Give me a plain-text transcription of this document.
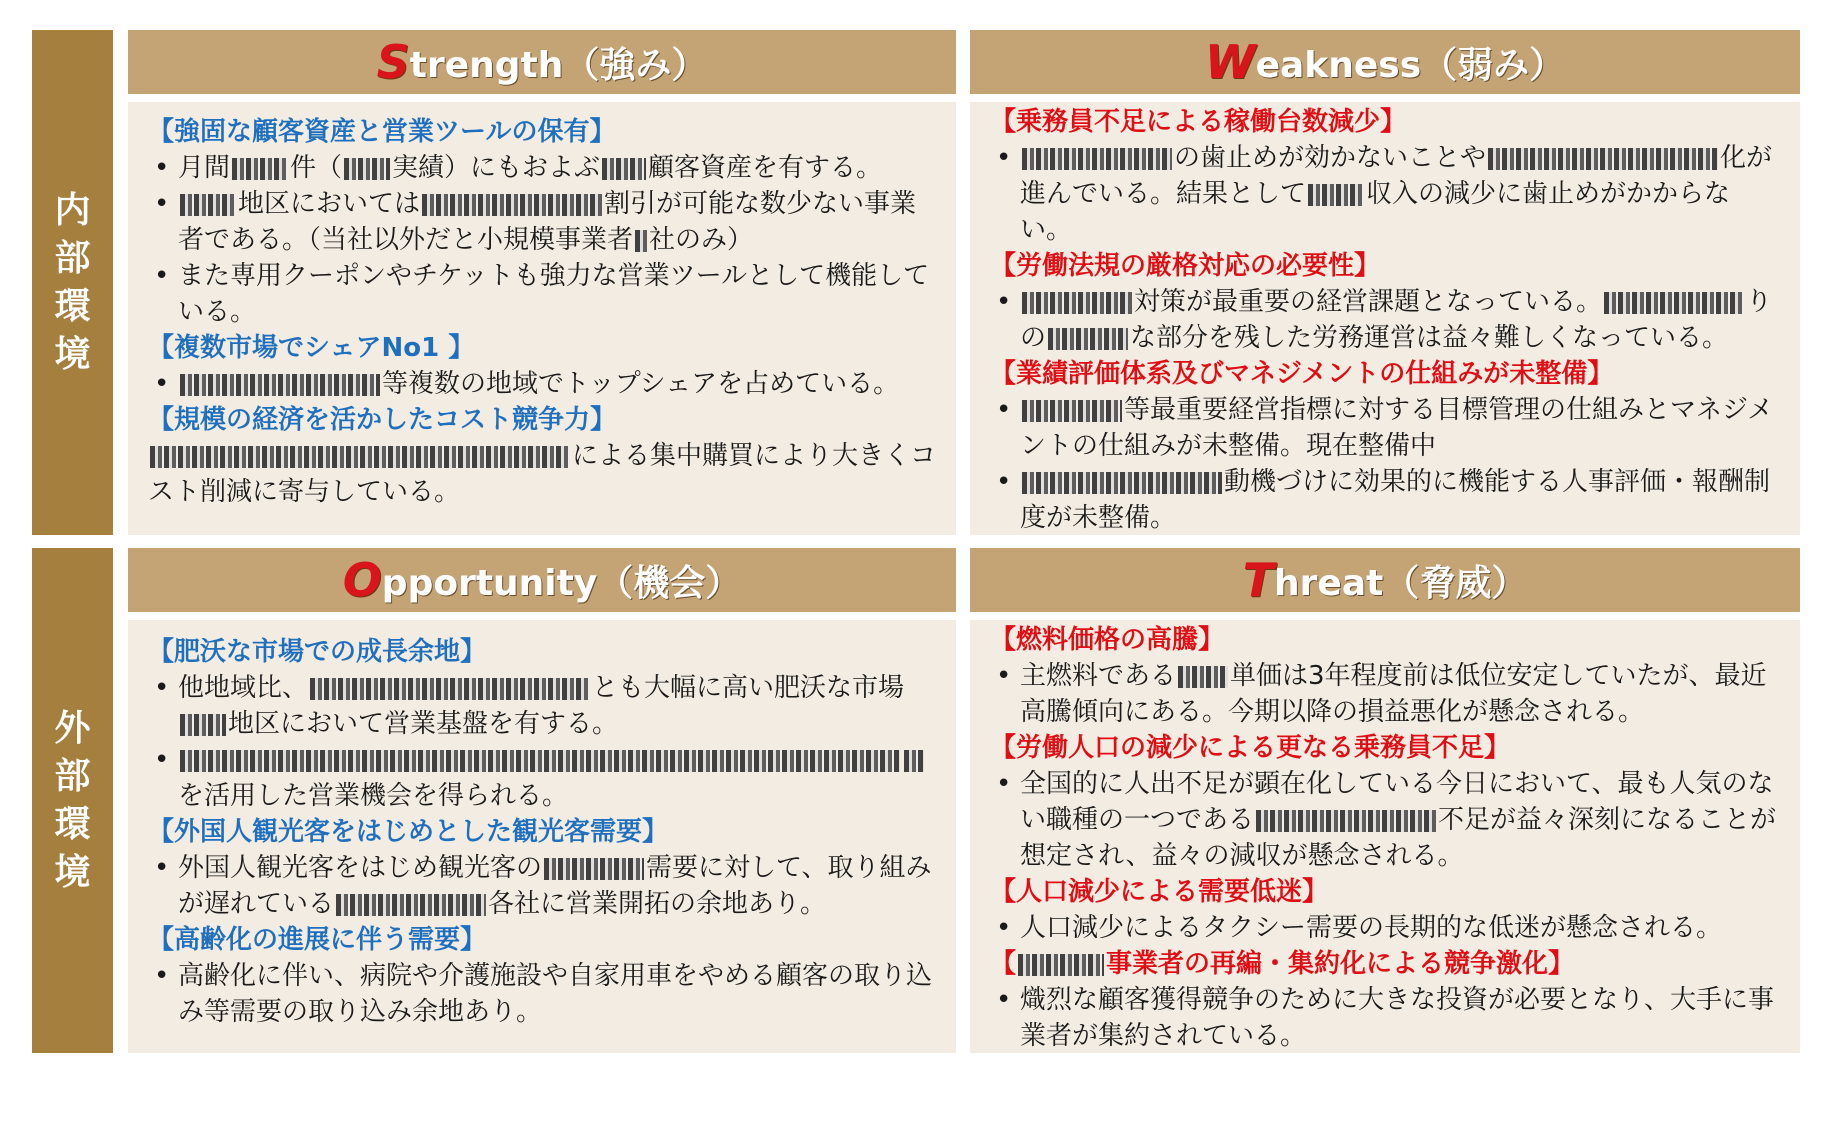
内部環境
外部環境
S trength（強み）	W eakness（弱み）
O pportunity（機会）	T hreat（脅威）
【強固な顧客資産と営業ツールの保有】
• 月間 件（ 実績）にもおよぶ 顧客資産を有する。
• 地区においては	割引が可能な数少ない事業者である。（当社以外だと小規模事業者 社のみ）
• また専用クーポンやチケットも強力な営業ツールとして機能している。
【複数市場でシェアNo1 】
• 等複数の地域でトップシェアを占めている。
【規模の経済を活かしたコスト競争力】
による集中購買により大きくコスト削減に寄与している。
【乗務員不足による稼働台数減少】
• の歯止めが効かないことや	化が進んでいる。結果として 収入の減少に歯止めがかからない。
【労働法規の厳格対応の必要性】
• 対策が最重要の経営課題となっている。	りの	な部分を残した労務運営は益々難しくなっている。
【業績評価体系及びマネジメントの仕組みが未整備】
• 等最重要経営指標に対する目標管理の仕組みとマネジメントの仕組みが未整備。現在整備中
• 動機づけに効果的に機能する人事評価・報酬制度が未整備。
【肥沃な市場での成長余地】
• 他地域比、	とも大幅に高い肥沃な市場地区において営業基盤を有する。
• を活用した営業機会を得られる。
【外国人観光客をはじめとした観光客需要】
• 外国人観光客をはじめ観光客の	需要に対して、取り組みが遅れている	各社に営業開拓の余地あり。
【高齢化の進展に伴う需要】
• 高齢化に伴い、病院や介護施設や自家用車をやめる顧客の取り込み等需要の取り込み余地あり。
【燃料価格の高騰】
• 主燃料である 単価は3年程度前は低位安定していたが、最近高騰傾向にある。今期以降の損益悪化が懸念される。
【労働人口の減少による更なる乗務員不足】
• 全国的に人出不足が顕在化している今日において、最も人気のない職種の一つである	不足が益々深刻になることが想定され、益々の減収が懸念される。
【人口減少による需要低迷】
• 人口減少によるタクシー需要の長期的な低迷が懸念される。
【	事業者の再編・集約化による競争激化】
• 熾烈な顧客獲得競争のために大きな投資が必要となり、大手に事業者が集約されている。
